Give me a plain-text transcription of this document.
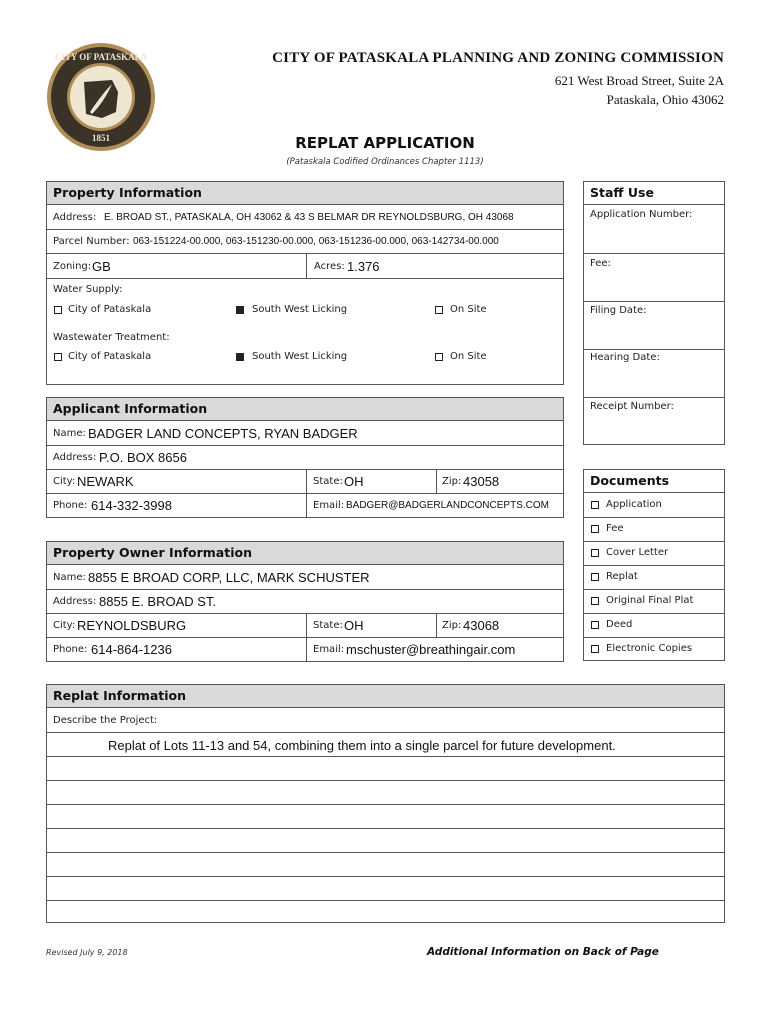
CITY OF PATASKALA
1851
CITY OF PATASKALA PLANNING AND ZONING COMMISSION
621 West Broad Street, Suite 2A
Pataskala, Ohio 43062
REPLAT APPLICATION
(Pataskala Codified Ordinances Chapter 1113)
Property Information
Address: E. BROAD ST., PATASKALA, OH 43062 & 43 S BELMAR DR REYNOLDSBURG, OH 43068
Parcel Number: 063-151224-00.000, 063-151230-00.000, 063-151236-00.000, 063-142734-00.000
Zoning: GB	Acres: 1.376
Water Supply:
City of Pataskala	South West Licking	On Site
Wastewater Treatment:
City of Pataskala	South West Licking	On Site
Staff Use
Application Number:
Fee:
Filing Date:
Hearing Date:
Receipt Number:
Applicant Information
Name: BADGER LAND CONCEPTS, RYAN BADGER
Address: P.O. BOX 8656
City: NEWARK	State: OH	Zip: 43058
Phone: 614-332-3998	Email: BADGER@BADGERLANDCONCEPTS.COM
Documents
Application
Fee
Cover Letter
Replat
Original Final Plat
Deed
Electronic Copies
Property Owner Information
Name: 8855 E BROAD CORP, LLC, MARK SCHUSTER
Address: 8855 E. BROAD ST.
City: REYNOLDSBURG	State: OH	Zip: 43068
Phone: 614-864-1236	Email: mschuster@breathingair.com
Replat Information
Describe the Project:
Replat of Lots 11-13 and 54, combining them into a single parcel for future development.
Revised July 9, 2018	Additional Information on Back of Page
